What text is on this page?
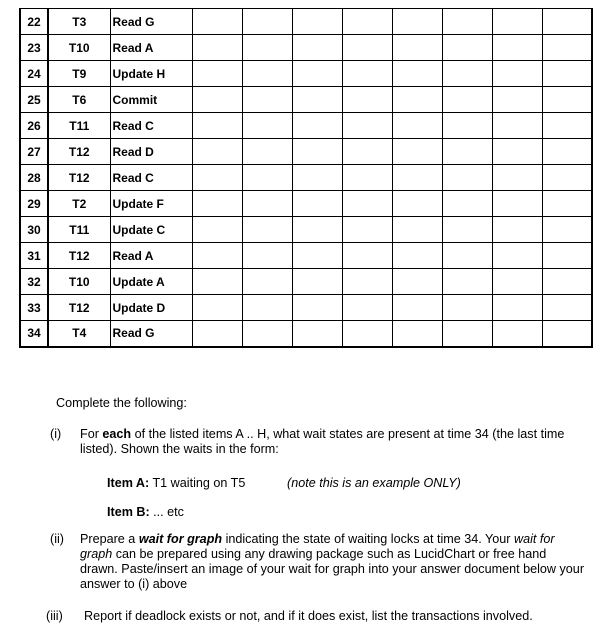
22	T3	Read G								
23	T10	Read A								
24	T9	Update H								
25	T6	Commit								
26	T11	Read C								
27	T12	Read D								
28	T12	Read C								
29	T2	Update F								
30	T11	Update C								
31	T12	Read A								
32	T10	Update A								
33	T12	Update D								
34	T4	Read G								
Complete the following:
(i) For each of the listed items A .. H, what wait states are present at time 34 (the last time listed). Shown the waits in the form:
Item A: T1 waiting on T5	(note this is an example ONLY)
Item B: ... etc
(ii) Prepare a wait for graph indicating the state of waiting locks at time 34. Your wait for graph can be prepared using any drawing package such as LucidChart or free hand drawn. Paste/insert an image of your wait for graph into your answer document below your answer to (i) above
(iii) Report if deadlock exists or not, and if it does exist, list the transactions involved.
